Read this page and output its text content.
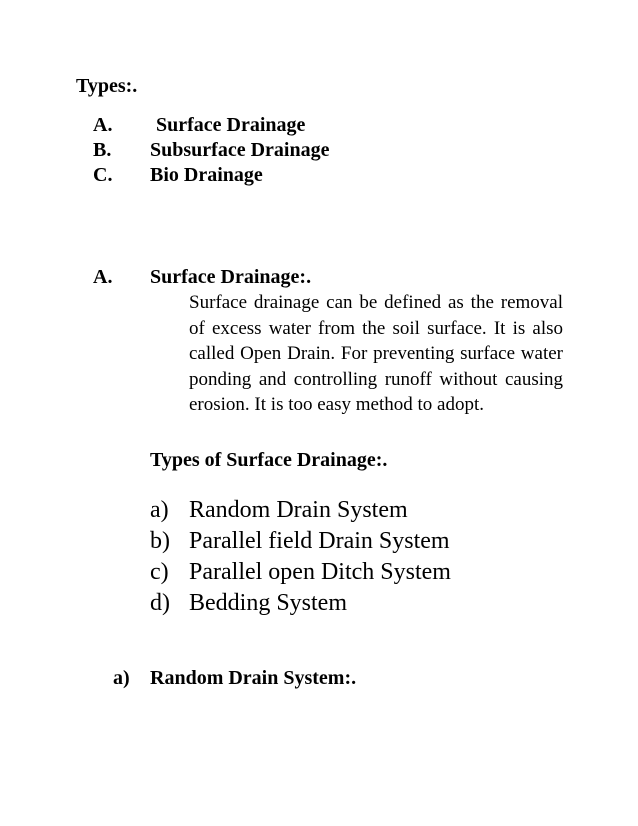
Types:.
A. Surface Drainage
B. Subsurface Drainage
C. Bio Drainage
A. Surface Drainage:.
Surface drainage can be defined as the removal of excess water from the soil surface. It is also called Open Drain. For preventing surface water ponding and controlling runoff without causing erosion. It is too easy method to adopt.
Types of Surface Drainage:.
a) Random Drain System
b) Parallel field Drain System
c) Parallel open Ditch System
d) Bedding System
a) Random Drain System:.
